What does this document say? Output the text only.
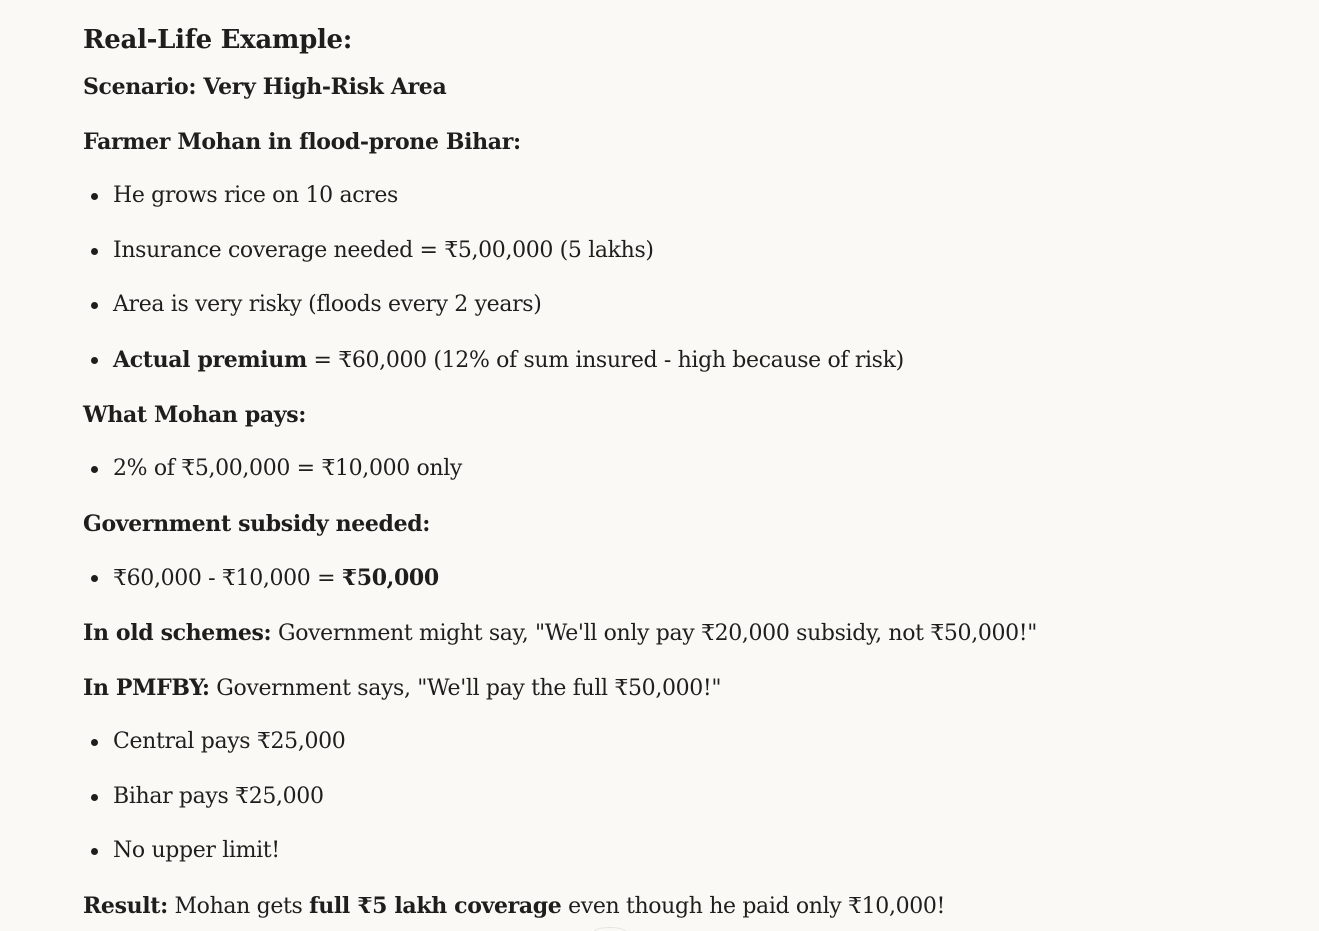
Real-Life Example:

Scenario: Very High-Risk Area

Farmer Mohan in flood-prone Bihar:

He grows rice on 10 acres
Insurance coverage needed = ₹5,00,000 (5 lakhs)
Area is very risky (floods every 2 years)
Actual premium = ₹60,000 (12% of sum insured - high because of risk)

What Mohan pays:

2% of ₹5,00,000 = ₹10,000 only

Government subsidy needed:

₹60,000 - ₹10,000 = ₹50,000

In old schemes: Government might say, "We'll only pay ₹20,000 subsidy, not ₹50,000!"

In PMFBY: Government says, "We'll pay the full ₹50,000!"

Central pays ₹25,000
Bihar pays ₹25,000
No upper limit!

Result: Mohan gets full ₹5 lakh coverage even though he paid only ₹10,000!
